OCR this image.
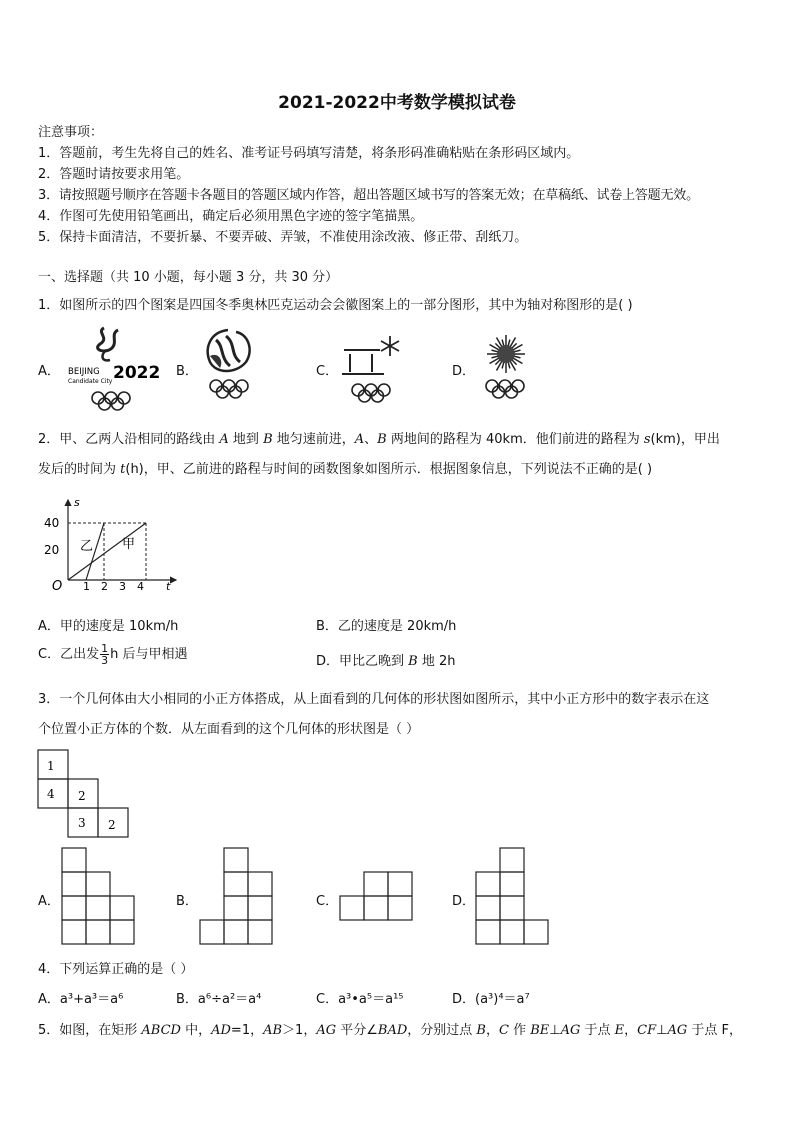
2021-2022中考数学模拟试卷
注意事项：
1．答题前，考生先将自己的姓名、准考证号码填写清楚，将条形码准确粘贴在条形码区域内。
2．答题时请按要求用笔。
3．请按照题号顺序在答题卡各题目的答题区域内作答，超出答题区域书写的答案无效；在草稿纸、试卷上答题无效。
4．作图可先使用铅笔画出，确定后必须用黑色字迹的签字笔描黑。
5．保持卡面清洁，不要折暴、不要弄破、弄皱，不准使用涂改液、修正带、刮纸刀。
一、选择题（共 10 小题，每小题 3 分，共 30 分）
1．如图所示的四个图案是四国冬季奥林匹克运动会会徽图案上的一部分图形，其中为轴对称图形的是( )
A． BEIJING 2022
Candidate City
B．	C．	D．
2．甲、乙两人沿相同的路线由 A 地到 B 地匀速前进，A、B 两地间的路程为 40km．他们前进的路程为 s(km)，甲出
发后的时间为 t(h)，甲、乙前进的路程与时间的函数图象如图所示．根据图象信息，下列说法不正确的是( )
s
t
O
40
20
1 2 3 4
乙 甲
A．甲的速度是 10km/h	B．乙的速度是 20km/h
C．乙出发 $\frac{1}{3}$ h 后与甲相遇	D．甲比乙晚到 B 地 2h
3．一个几何体由大小相同的小正方体搭成，从上面看到的几何体的形状图如图所示，其中小正方形中的数字表示在这
个位置小正方体的个数．从左面看到的这个几何体的形状图是（ ）
1
4 2
3 2
A．	B．	C．	D．
4．下列运算正确的是（ ）
A．a³+a³＝a⁶	B．a⁶÷a²＝a⁴	C．a³•a⁵＝a¹⁵	D．(a³)⁴＝a⁷
5．如图，在矩形 ABCD 中，AD=1，AB＞1，AG 平分∠BAD，分别过点 B，C 作 BE⊥AG 于点 E，CF⊥AG 于点 F，
